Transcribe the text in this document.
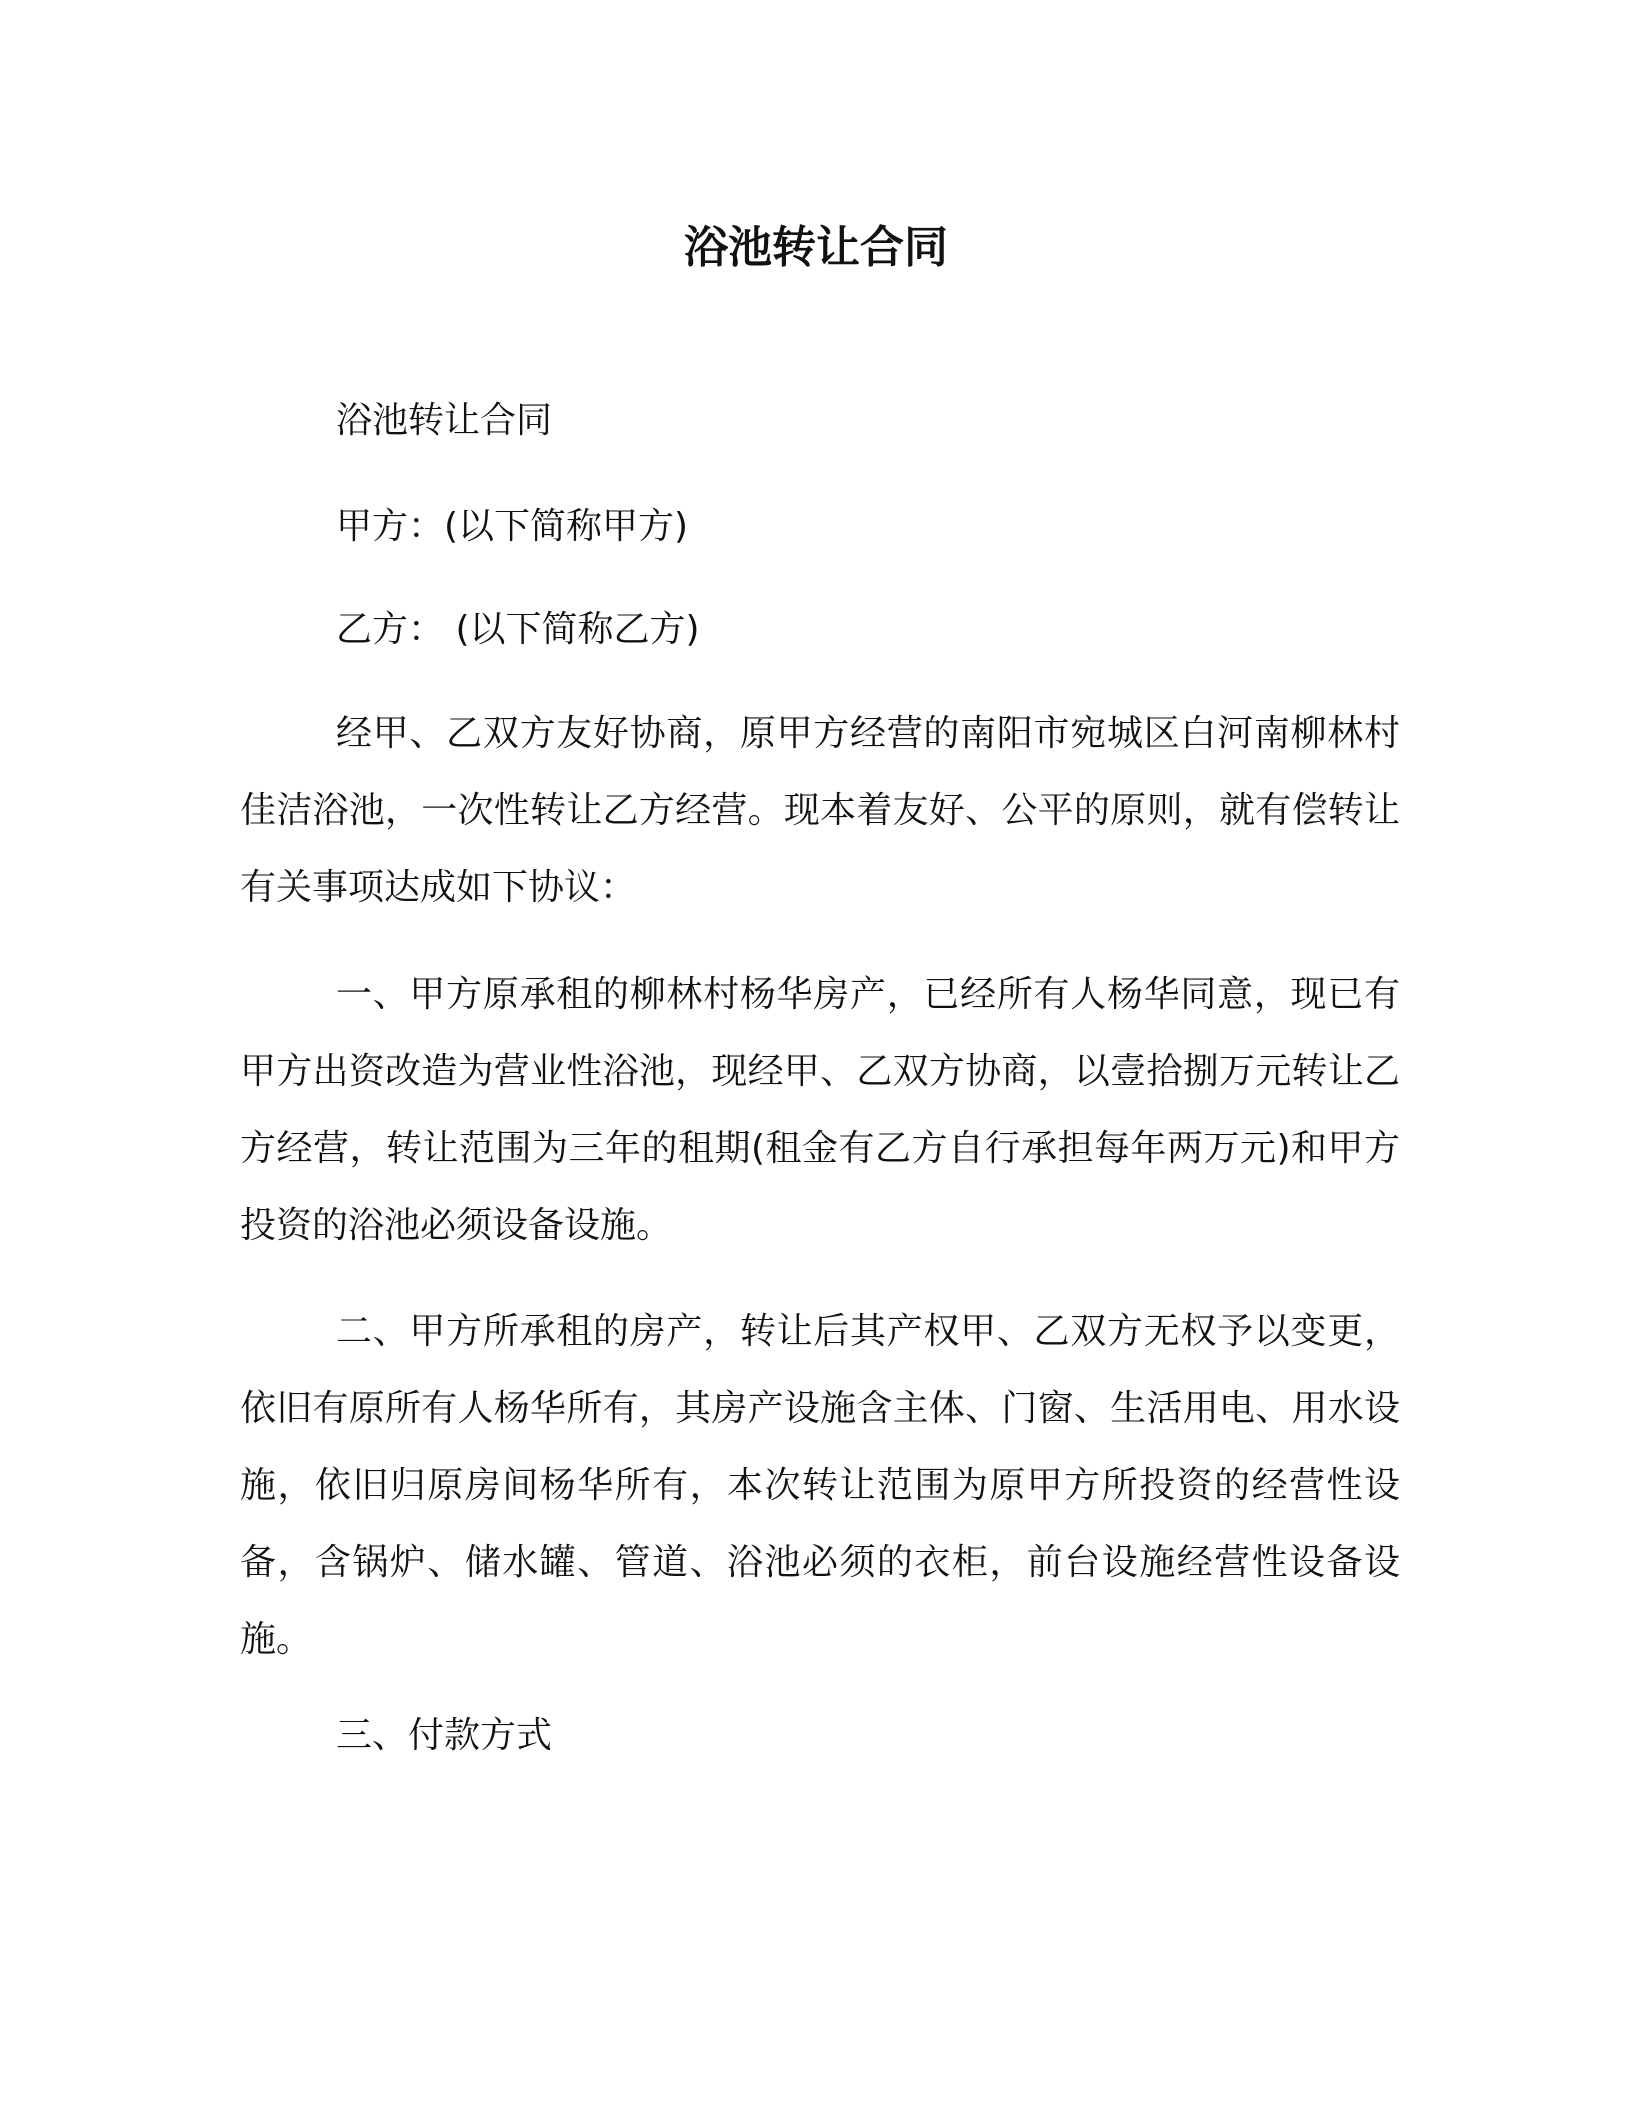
浴池转让合同

浴池转让合同

甲方：(以下简称甲方)

乙方： (以下简称乙方)

经甲、乙双方友好协商，原甲方经营的南阳市宛城区白河南柳林村佳洁浴池，一次性转让乙方经营。现本着友好、公平的原则，就有偿转让有关事项达成如下协议：

一、甲方原承租的柳林村杨华房产，已经所有人杨华同意，现已有甲方出资改造为营业性浴池，现经甲、乙双方协商，以壹拾捌万元转让乙方经营，转让范围为三年的租期(租金有乙方自行承担每年两万元)和甲方投资的浴池必须设备设施。

二、甲方所承租的房产，转让后其产权甲、乙双方无权予以变更，依旧有原所有人杨华所有，其房产设施含主体、门窗、生活用电、用水设施，依旧归原房间杨华所有，本次转让范围为原甲方所投资的经营性设备，含锅炉、储水罐、管道、浴池必须的衣柜，前台设施经营性设备设施。

三、付款方式
